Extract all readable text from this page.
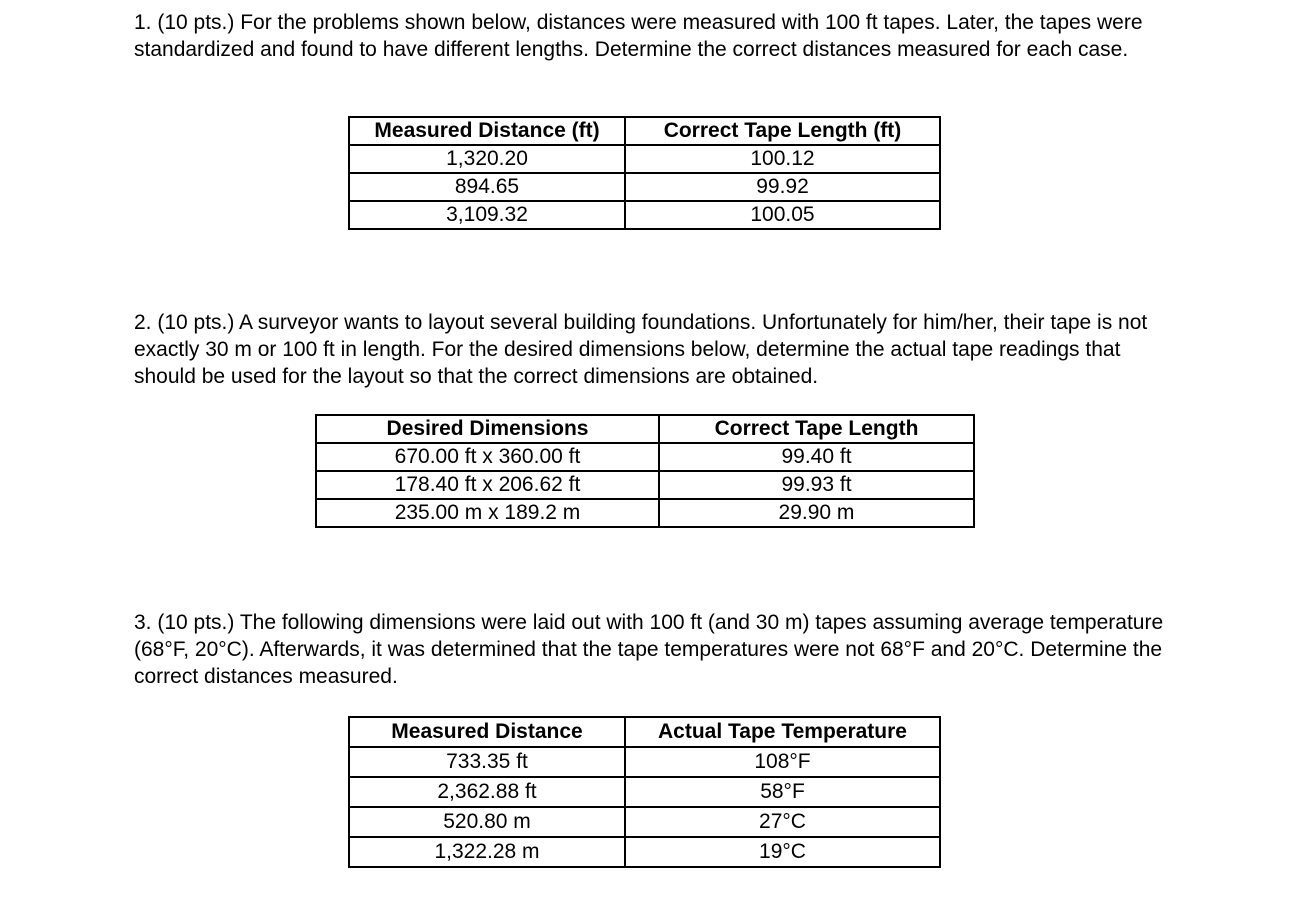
1. (10 pts.) For the problems shown below, distances were measured with 100 ft tapes. Later, the tapes were standardized and found to have different lengths. Determine the correct distances measured for each case.

Measured Distance (ft)	Correct Tape Length (ft)
1,320.20	100.12
894.65	99.92
3,109.32	100.05

2. (10 pts.) A surveyor wants to layout several building foundations. Unfortunately for him/her, their tape is not exactly 30 m or 100 ft in length. For the desired dimensions below, determine the actual tape readings that should be used for the layout so that the correct dimensions are obtained.

Desired Dimensions	Correct Tape Length
670.00 ft x 360.00 ft	99.40 ft
178.40 ft x 206.62 ft	99.93 ft
235.00 m x 189.2 m	29.90 m

3. (10 pts.) The following dimensions were laid out with 100 ft (and 30 m) tapes assuming average temperature (68°F, 20°C). Afterwards, it was determined that the tape temperatures were not 68°F and 20°C. Determine the correct distances measured.

Measured Distance	Actual Tape Temperature
733.35 ft	108°F
2,362.88 ft	58°F
520.80 m	27°C
1,322.28 m	19°C
